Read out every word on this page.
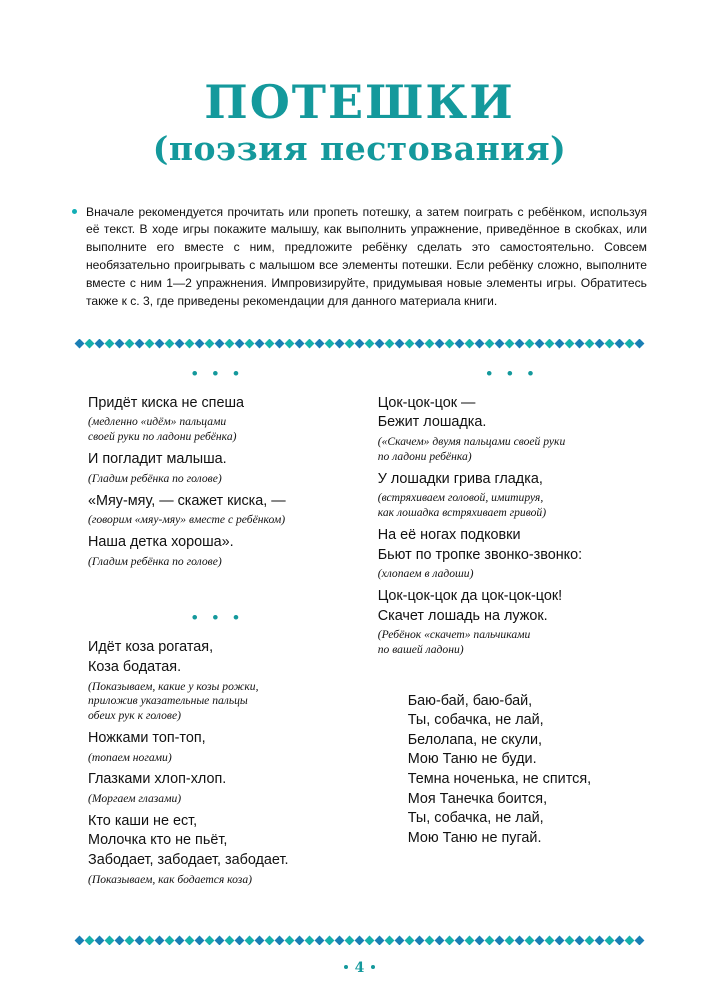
ПОТЕШКИ
(поэзия пестования)

Вначале рекомендуется прочитать или пропеть потешку, а затем поиграть с ребёнком, используя её текст. В ходе игры покажите малышу, как выполнить упражнение, приведённое в скобках, или выполните его вместе с ним, предложите ребёнку сделать это самостоятельно. Совсем необязательно проигрывать с малышом все элементы потешки. Если ребёнку сложно, выполните вместе с ним 1—2 упражнения. Импровизируйте, придумывая новые элементы игры. Обратитесь также к с. 3, где приведены рекомендации для данного материала книги.

• • •
Придёт киска не спеша
(медленно «идём» пальцами
своей руки по ладони ребёнка)
И погладит малыша.
(Гладим ребёнка по голове)
«Мяу-мяу, — скажет киска, —
(говорим «мяу-мяу» вместе с ребёнком)
Наша детка хороша».
(Гладим ребёнка по голове)
• • •
Идёт коза рогатая,
Коза бодатая.
(Показываем, какие у козы рожки,
приложив указательные пальцы
обеих рук к голове)
Ножками топ-топ,
(топаем ногами)
Глазками хлоп-хлоп.
(Моргаем глазами)
Кто каши не ест,
Молочка кто не пьёт,
Забодает, забодает, забодает.
(Показываем, как бодается коза)
• • •
Цок-цок-цок —
Бежит лошадка.
(«Скачем» двумя пальцами своей руки
по ладони ребёнка)
У лошадки грива гладка,
(встряхиваем головой, имитируя,
как лошадка встряхивает гривой)
На её ногах подковки
Бьют по тропке звонко-звонко:
(хлопаем в ладоши)
Цок-цок-цок да цок-цок-цок!
Скачет лошадь на лужок.
(Ребёнок «скачет» пальчиками
по вашей ладони)
Баю-бай, баю-бай,
Ты, собачка, не лай,
Белолапа, не скули,
Мою Таню не буди.
Темна ноченька, не спится,
Моя Танечка боится,
Ты, собачка, не лай,
Мою Таню не пугай.
4
